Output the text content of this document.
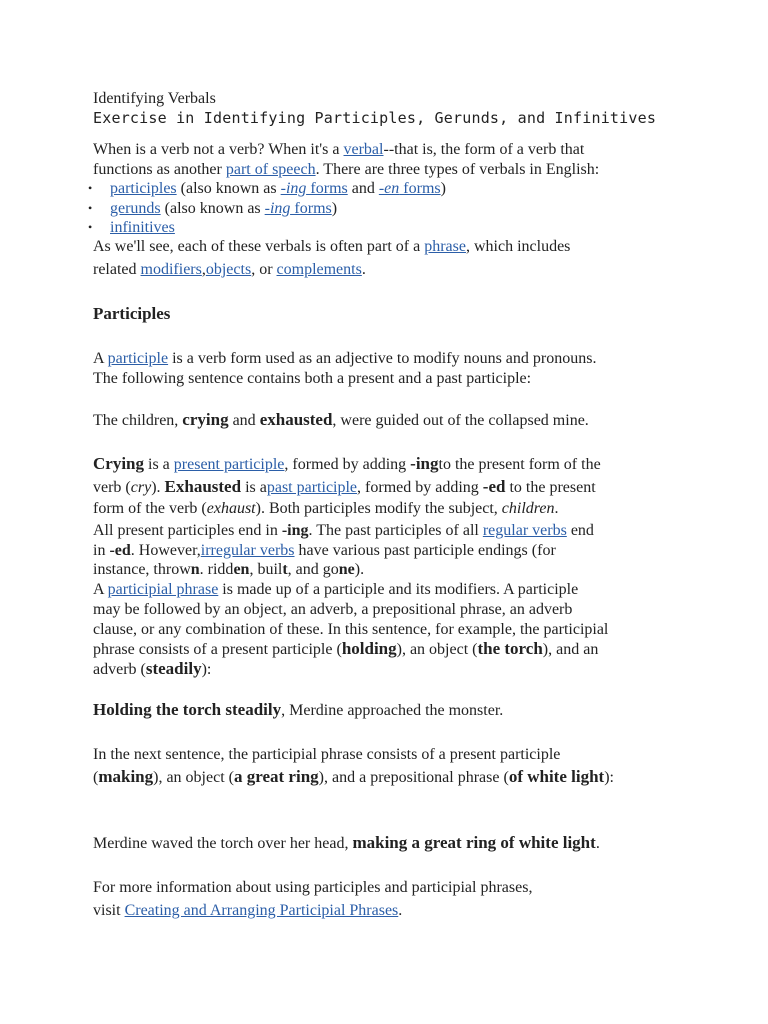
Identifying Verbals
Exercise in Identifying Participles, Gerunds, and Infinitives
When is a verb not a verb? When it's a verbal--that is, the form of a verb that
functions as another part of speech. There are three types of verbals in English:
• participles (also known as -ing forms and -en forms)
• gerunds (also known as -ing forms)
• infinitives
As we'll see, each of these verbals is often part of a phrase, which includes
related modifiers,objects, or complements.
Participles
A participle is a verb form used as an adjective to modify nouns and pronouns.
The following sentence contains both a present and a past participle:
The children, crying and exhausted, were guided out of the collapsed mine.
Crying is a present participle, formed by adding -ingto the present form of the
verb (cry). Exhausted is apast participle, formed by adding -ed to the present
form of the verb (exhaust). Both participles modify the subject, children.
All present participles end in -ing. The past participles of all regular verbs end
in -ed. However,irregular verbs have various past participle endings (for
instance, thrown. ridden, built, and gone).
A participial phrase is made up of a participle and its modifiers. A participle
may be followed by an object, an adverb, a prepositional phrase, an adverb
clause, or any combination of these. In this sentence, for example, the participial
phrase consists of a present participle (holding), an object (the torch), and an
adverb (steadily):
Holding the torch steadily, Merdine approached the monster.
In the next sentence, the participial phrase consists of a present participle
(making), an object (a great ring), and a prepositional phrase (of white light):
Merdine waved the torch over her head, making a great ring of white light.
For more information about using participles and participial phrases,
visit Creating and Arranging Participial Phrases.
